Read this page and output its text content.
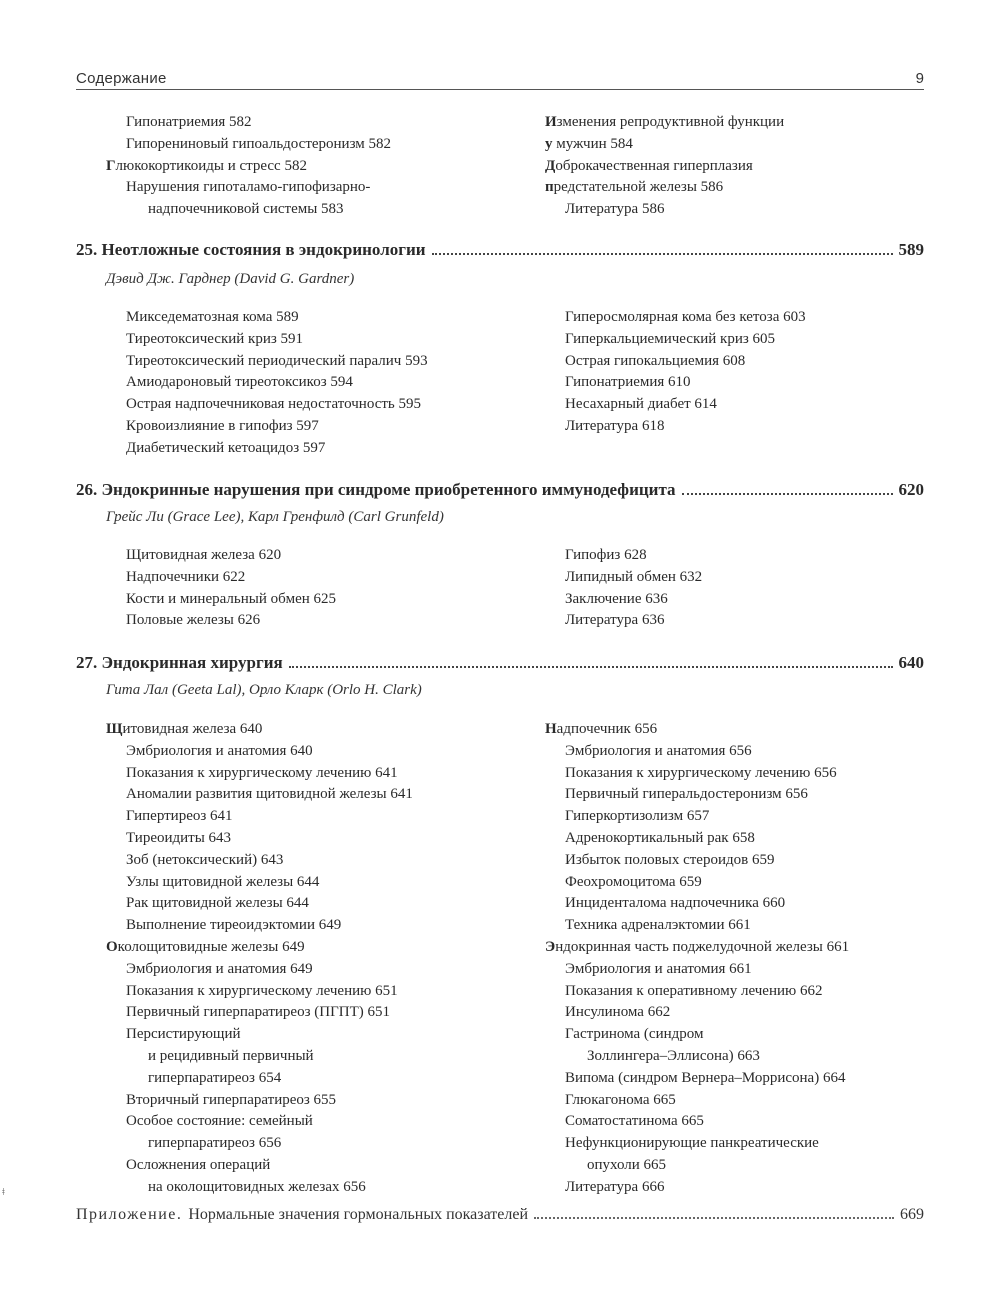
Содержание	9
Гипонатриемия 582
Гипорениновый гипоальдостеронизм 582
Глюкокортикоиды и стресс 582
Нарушения гипоталамо-гипофизарно-
надпочечниковой системы 583
Изменения репродуктивной функции
у мужчин 584
Доброкачественная гиперплазия
предстательной железы 586
Литература 586
25. Неотложные состояния в эндокринологии	589
Дэвид Дж. Гарднер (David G. Gardner)
Микседематозная кома 589
Тиреотоксический криз 591
Тиреотоксический периодический паралич 593
Амиодароновый тиреотоксикоз 594
Острая надпочечниковая недостаточность 595
Кровоизлияние в гипофиз 597
Диабетический кетоацидоз 597
Гиперосмолярная кома без кетоза 603
Гиперкальциемический криз 605
Острая гипокальциемия 608
Гипонатриемия 610
Несахарный диабет 614
Литература 618
26. Эндокринные нарушения при синдроме приобретенного иммунодефицита	620
Грейс Ли (Grace Lee), Карл Гренфилд (Carl Grunfeld)
Щитовидная железа 620
Надпочечники 622
Кости и минеральный обмен 625
Половые железы 626
Гипофиз 628
Липидный обмен 632
Заключение 636
Литература 636
27. Эндокринная хирургия	640
Гита Лал (Geeta Lal), Орло Кларк (Orlo H. Clark)
Щитовидная железа 640
Эмбриология и анатомия 640
Показания к хирургическому лечению 641
Аномалии развития щитовидной железы 641
Гипертиреоз 641
Тиреоидиты 643
Зоб (нетоксический) 643
Узлы щитовидной железы 644
Рак щитовидной железы 644
Выполнение тиреоидэктомии 649
Околощитовидные железы 649
Эмбриология и анатомия 649
Показания к хирургическому лечению 651
Первичный гиперпаратиреоз (ПГПТ) 651
Персистирующий
и рецидивный первичный
гиперпаратиреоз 654
Вторичный гиперпаратиреоз 655
Особое состояние: семейный
гиперпаратиреоз 656
Осложнения операций
на околощитовидных железах 656
Надпочечник 656
Эмбриология и анатомия 656
Показания к хирургическому лечению 656
Первичный гиперальдостеронизм 656
Гиперкортизолизм 657
Адренокортикальный рак 658
Избыток половых стероидов 659
Феохромоцитома 659
Инциденталома надпочечника 660
Техника адреналэктомии 661
Эндокринная часть поджелудочной железы 661
Эмбриология и анатомия 661
Показания к оперативному лечению 662
Инсулинома 662
Гастринома (синдром
Золлингера–Эллисона) 663
Випома (синдром Вернера–Моррисона) 664
Глюкагонома 665
Соматостатинома 665
Нефункционирующие панкреатические
опухоли 665
Литература 666
Приложение. Нормальные значения гормональных показателей	669
ǂ
